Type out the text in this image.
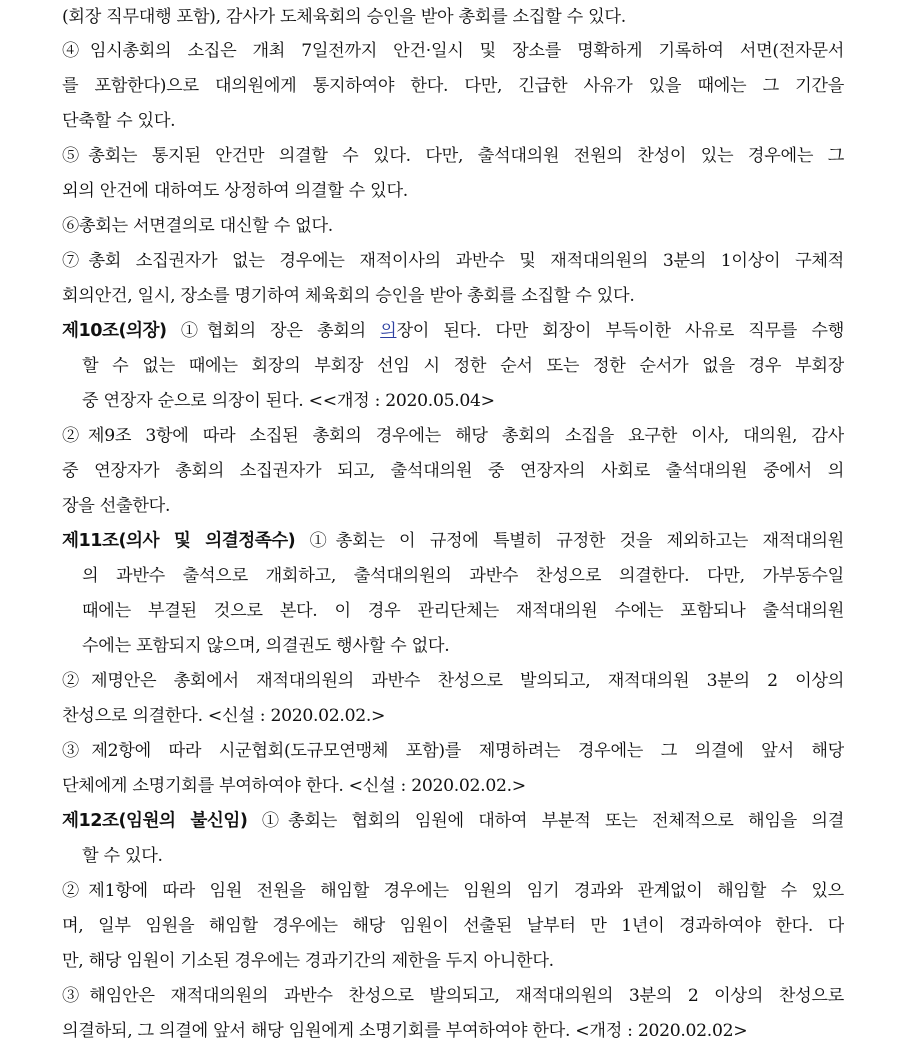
(회장 직무대행 포함), 감사가 도체육회의 승인을 받아 총회를 소집할 수 있다.
④임시총회의 소집은 개최 7일전까지 안건·일시 및 장소를 명확하게 기록하여 서면(전자문서
를 포함한다)으로 대의원에게 통지하여야 한다. 다만, 긴급한 사유가 있을 때에는 그 기간을
단축할 수 있다.
⑤총회는 통지된 안건만 의결할 수 있다. 다만, 출석대의원 전원의 찬성이 있는 경우에는 그
외의 안건에 대하여도 상정하여 의결할 수 있다.
⑥총회는 서면결의로 대신할 수 없다.
⑦총회 소집권자가 없는 경우에는 재적이사의 과반수 및 재적대의원의 3분의 1이상이 구체적
회의안건, 일시, 장소를 명기하여 체육회의 승인을 받아 총회를 소집할 수 있다.
제10조(의장) ①협회의 장은 총회의 의장이 된다. 다만 회장이 부득이한 사유로 직무를 수행
할 수 없는 때에는 회장의 부회장 선임 시 정한 순서 또는 정한 순서가 없을 경우 부회장
중 연장자 순으로 의장이 된다. <<개정 : 2020.05.04>
②제9조 3항에 따라 소집된 총회의 경우에는 해당 총회의 소집을 요구한 이사, 대의원, 감사
중 연장자가 총회의 소집권자가 되고, 출석대의원 중 연장자의 사회로 출석대의원 중에서 의
장을 선출한다.
제11조(의사 및 의결정족수) ①총회는 이 규정에 특별히 규정한 것을 제외하고는 재적대의원
의 과반수 출석으로 개회하고, 출석대의원의 과반수 찬성으로 의결한다. 다만, 가부동수일
때에는 부결된 것으로 본다. 이 경우 관리단체는 재적대의원 수에는 포함되나 출석대의원
수에는 포함되지 않으며, 의결권도 행사할 수 없다.
②제명안은 총회에서 재적대의원의 과반수 찬성으로 발의되고, 재적대의원 3분의 2 이상의
찬성으로 의결한다. <신설 : 2020.02.02.>
③제2항에 따라 시군협회(도규모연맹체 포함)를 제명하려는 경우에는 그 의결에 앞서 해당
단체에게 소명기회를 부여하여야 한다. <신설 : 2020.02.02.>
제12조(임원의 불신임) ①총회는 협회의 임원에 대하여 부분적 또는 전체적으로 해임을 의결
할 수 있다.
②제1항에 따라 임원 전원을 해임할 경우에는 임원의 임기 경과와 관계없이 해임할 수 있으
며, 일부 임원을 해임할 경우에는 해당 임원이 선출된 날부터 만 1년이 경과하여야 한다. 다
만, 해당 임원이 기소된 경우에는 경과기간의 제한을 두지 아니한다.
③해임안은 재적대의원의 과반수 찬성으로 발의되고, 재적대의원의 3분의 2 이상의 찬성으로
의결하되, 그 의결에 앞서 해당 임원에게 소명기회를 부여하여야 한다. <개정 : 2020.02.02>
